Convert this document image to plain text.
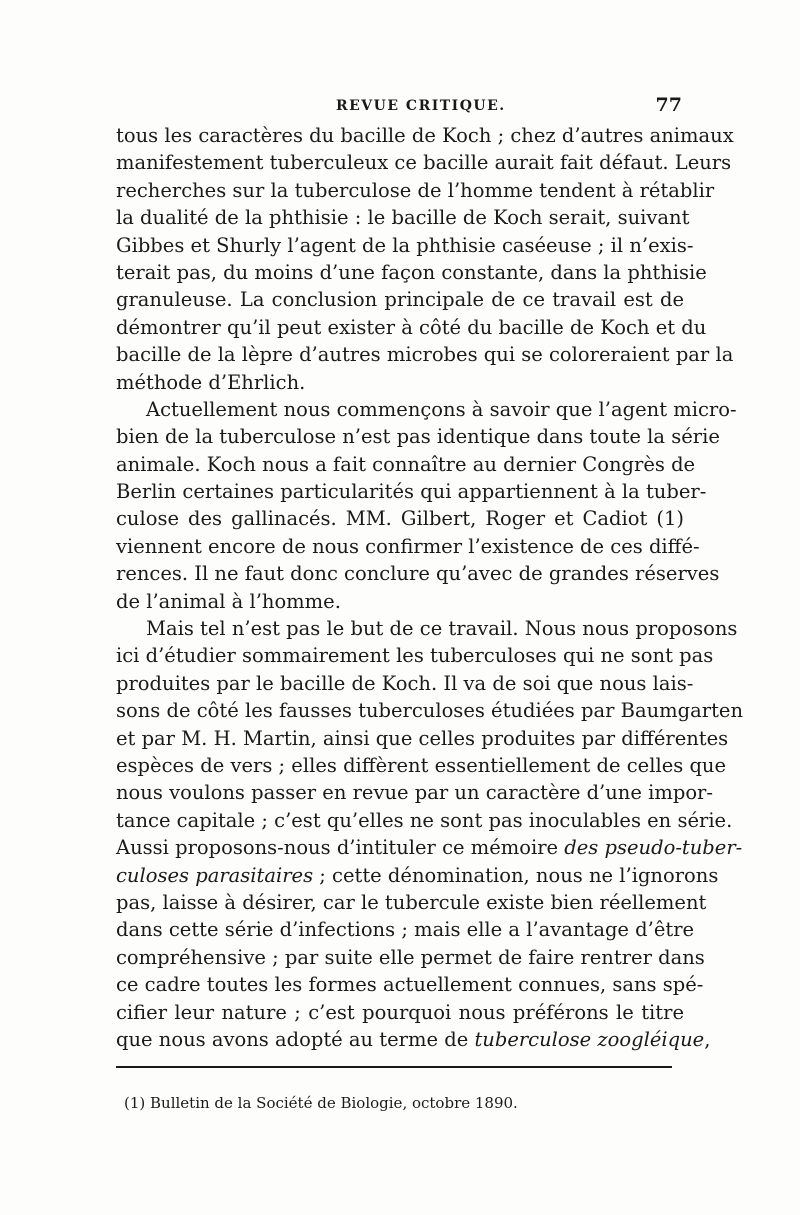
REVUE CRITIQUE.	77
tous les caractères du bacille de Koch ; chez d’autres animaux
manifestement tuberculeux ce bacille aurait fait défaut. Leurs
recherches sur la tuberculose de l’homme tendent à rétablir
la dualité de la phthisie : le bacille de Koch serait, suivant
Gibbes et Shurly l’agent de la phthisie caséeuse ; il n’exis-
terait pas, du moins d’une façon constante, dans la phthisie
granuleuse. La conclusion principale de ce travail est de
démontrer qu’il peut exister à côté du bacille de Koch et du
bacille de la lèpre d’autres microbes qui se coloreraient par la
méthode d’Ehrlich.
Actuellement nous commençons à savoir que l’agent micro-
bien de la tuberculose n’est pas identique dans toute la série
animale. Koch nous a fait connaître au dernier Congrès de
Berlin certaines particularités qui appartiennent à la tuber-
culose des gallinacés. MM. Gilbert, Roger et Cadiot (1)
viennent encore de nous confirmer l’existence de ces diffé-
rences. Il ne faut donc conclure qu’avec de grandes réserves
de l’animal à l’homme.
Mais tel n’est pas le but de ce travail. Nous nous proposons
ici d’étudier sommairement les tuberculoses qui ne sont pas
produites par le bacille de Koch. Il va de soi que nous lais-
sons de côté les fausses tuberculoses étudiées par Baumgarten
et par M. H. Martin, ainsi que celles produites par différentes
espèces de vers ; elles diffèrent essentiellement de celles que
nous voulons passer en revue par un caractère d’une impor-
tance capitale ; c’est qu’elles ne sont pas inoculables en série.
Aussi proposons-nous d’intituler ce mémoire des pseudo-tuber-
culoses parasitaires ; cette dénomination, nous ne l’ignorons
pas, laisse à désirer, car le tubercule existe bien réellement
dans cette série d’infections ; mais elle a l’avantage d’être
compréhensive ; par suite elle permet de faire rentrer dans
ce cadre toutes les formes actuellement connues, sans spé-
cifier leur nature ; c’est pourquoi nous préférons le titre
que nous avons adopté au terme de tuberculose zoogléique,
(1) Bulletin de la Société de Biologie, octobre 1890.
